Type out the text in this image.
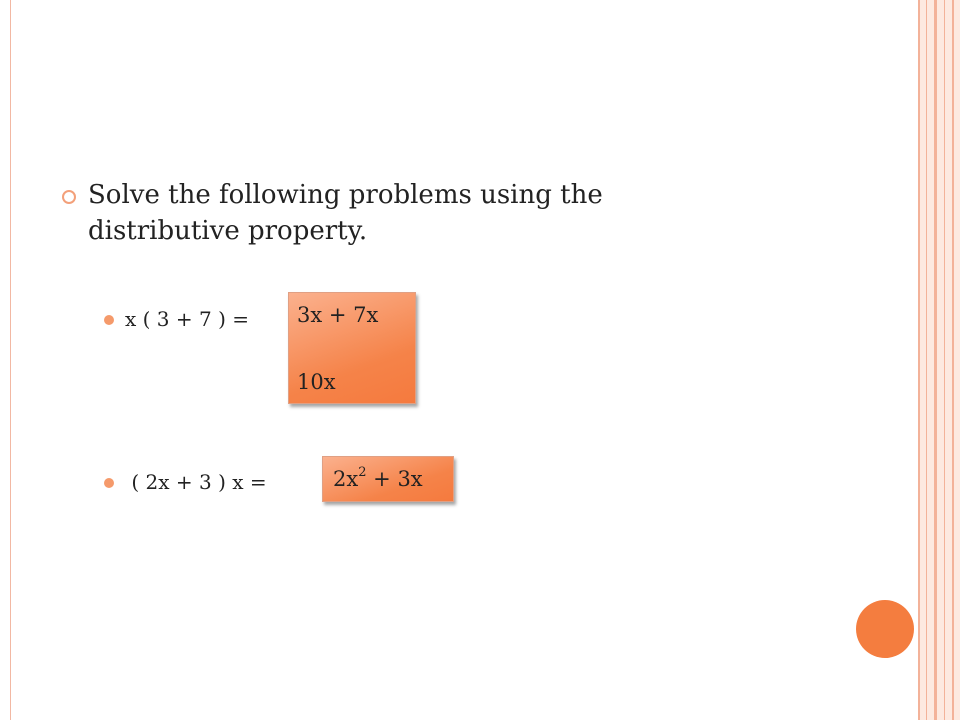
Solve the following problems using the distributive property.
x ( 3 + 7 ) = 3x + 7x
10x
( 2x + 3 ) x =	$2x^2 + 3x$
